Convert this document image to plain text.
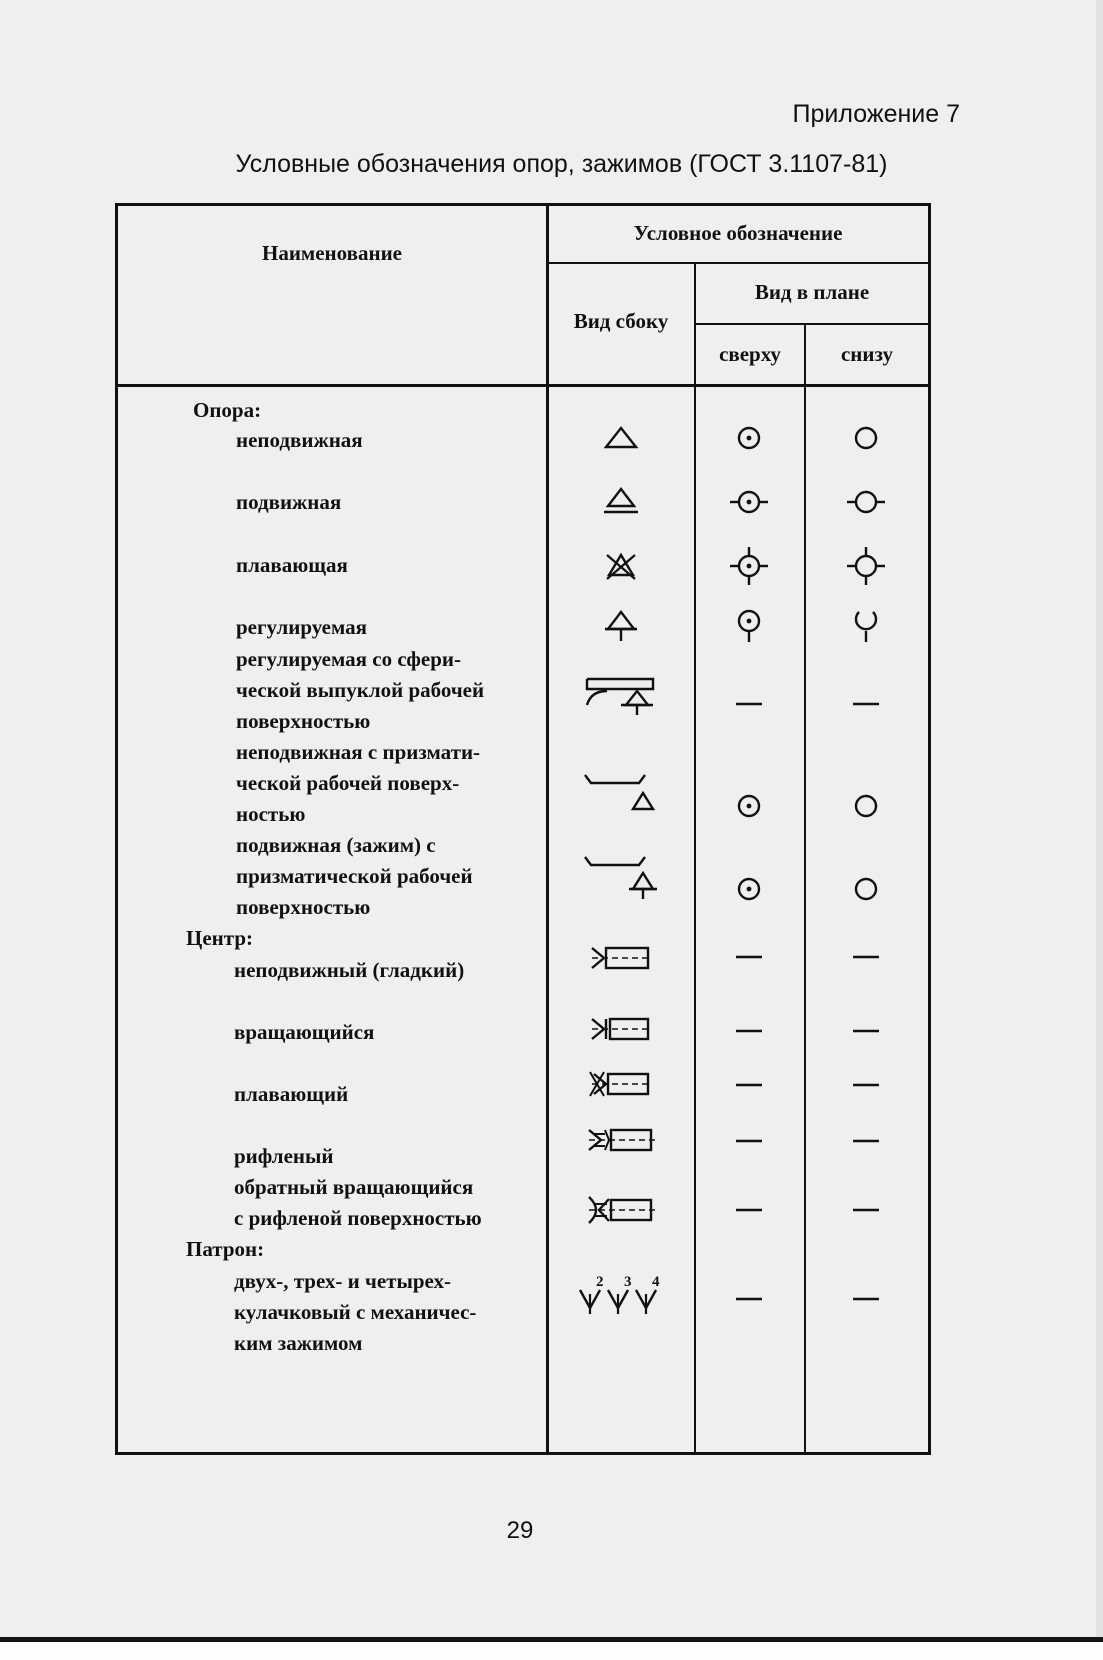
Приложение 7
Условные обозначения опор, зажимов (ГОСТ 3.1107-81)
Наименование
Условное обозначение
Вид сбоку
Вид в плане
сверху	снизу
Опора:
неподвижная
подвижная
плавающая
регулируемая
регулируемая со сфери-
ческой выпуклой рабочей
поверхностью
неподвижная с призмати-
ческой рабочей поверх-
ностью
подвижная (зажим) с
призматической рабочей
поверхностью
Центр:
неподвижный (гладкий)
вращающийся
плавающий
рифленый
обратный вращающийся
с рифленой поверхностью
Патрон:
двух-, трех- и четырех-
кулачковый с механичес-
ким зажимом
2 3 4
29
